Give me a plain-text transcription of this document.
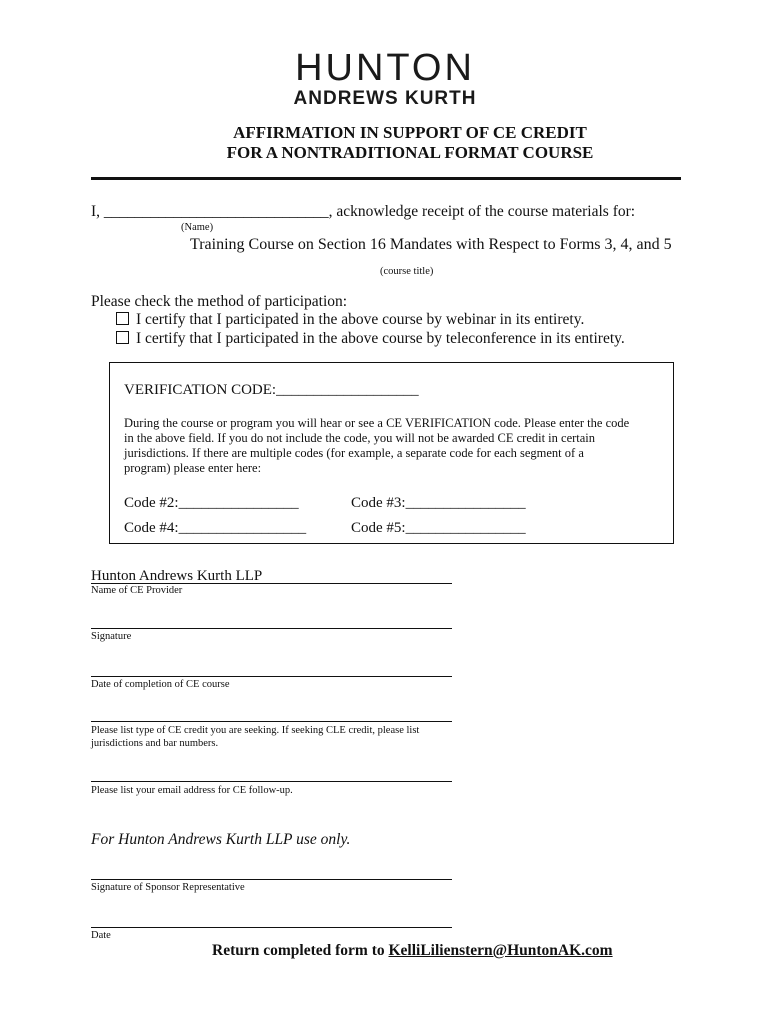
HUNTON
ANDREWS KURTH
AFFIRMATION IN SUPPORT OF CE CREDIT
FOR A NONTRADITIONAL FORMAT COURSE
I, _____________________________, acknowledge receipt of the course materials for:
(Name)
Training Course on Section 16 Mandates with Respect to Forms 3, 4, and 5
(course title)
Please check the method of participation:
I certify that I participated in the above course by webinar in its entirety.
I certify that I participated in the above course by teleconference in its entirety.
VERIFICATION CODE:___________________
During the course or program you will hear or see a CE VERIFICATION code. Please enter the code
in the above field. If you do not include the code, you will not be awarded CE credit in certain
jurisdictions. If there are multiple codes (for example, a separate code for each segment of a
program) please enter here:
Code #2:________________	Code #3:________________
Code #4:_________________	Code #5:________________
Hunton Andrews Kurth LLP
Name of CE Provider
Signature
Date of completion of CE course
Please list type of CE credit you are seeking. If seeking CLE credit, please list
jurisdictions and bar numbers.
Please list your email address for CE follow-up.
For Hunton Andrews Kurth LLP use only.
Signature of Sponsor Representative
Date
Return completed form to KelliLilienstern@HuntonAK.com
